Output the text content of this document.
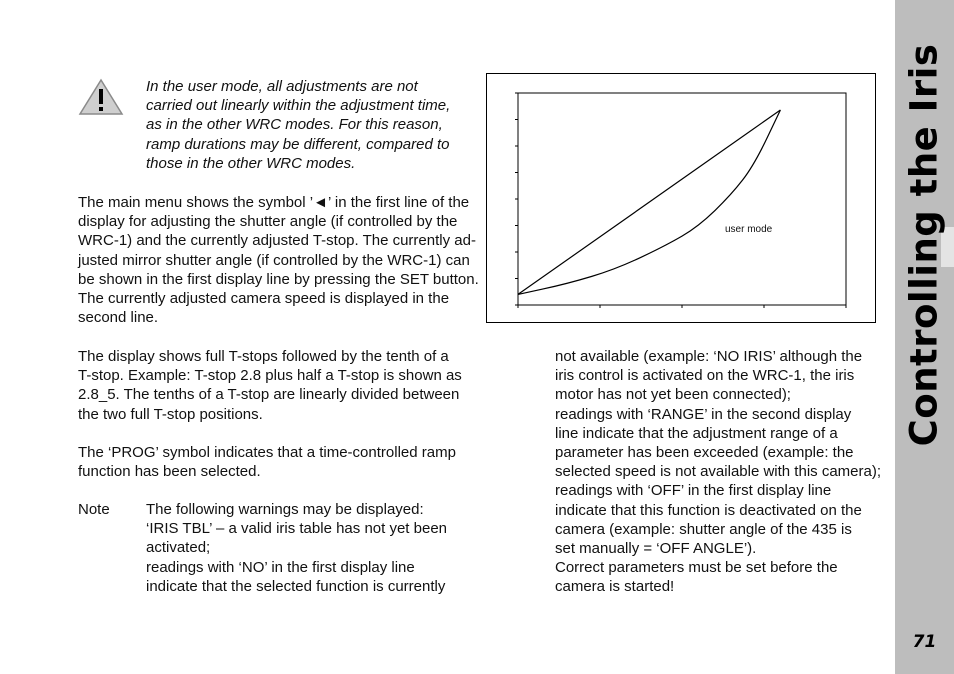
In the user mode, all adjustments are not
carried out linearly within the adjustment time,
as in the other WRC modes. For this reason,
ramp durations may be different, compared to
those in the other WRC modes.
user mode
The main menu shows the symbol ’◄’ in the first line of the
display for adjusting the shutter angle (if controlled by the
WRC-1) and the currently adjusted T-stop. The currently ad-
justed mirror shutter angle (if controlled by the WRC-1) can
be shown in the first display line by pressing the SET button.
The currently adjusted camera speed is displayed in the
second line.
The display shows full T-stops followed by the tenth of a
T-stop. Example: T-stop 2.8 plus half a T-stop is shown as
2.8_5. The tenths of a T-stop are linearly divided between
the two full T-stop positions.
The ‘PROG’ symbol indicates that a time-controlled ramp
function has been selected.
Note	The following warnings may be displayed:
‘IRIS TBL’ – a valid iris table has not yet been
activated;
readings with ‘NO’ in the first display line
indicate that the selected function is currently
not available (example: ‘NO IRIS’ although the
iris control is activated on the WRC-1, the iris
motor has not yet been connected);
readings with ‘RANGE’ in the second display
line indicate that the adjustment range of a
parameter has been exceeded (example: the
selected speed is not available with this camera);
readings with ‘OFF’ in the first display line
indicate that this function is deactivated on the
camera (example: shutter angle of the 435 is
set manually = ‘OFF ANGLE’).
Correct parameters must be set before the
camera is started!
Controlling the Iris
71
